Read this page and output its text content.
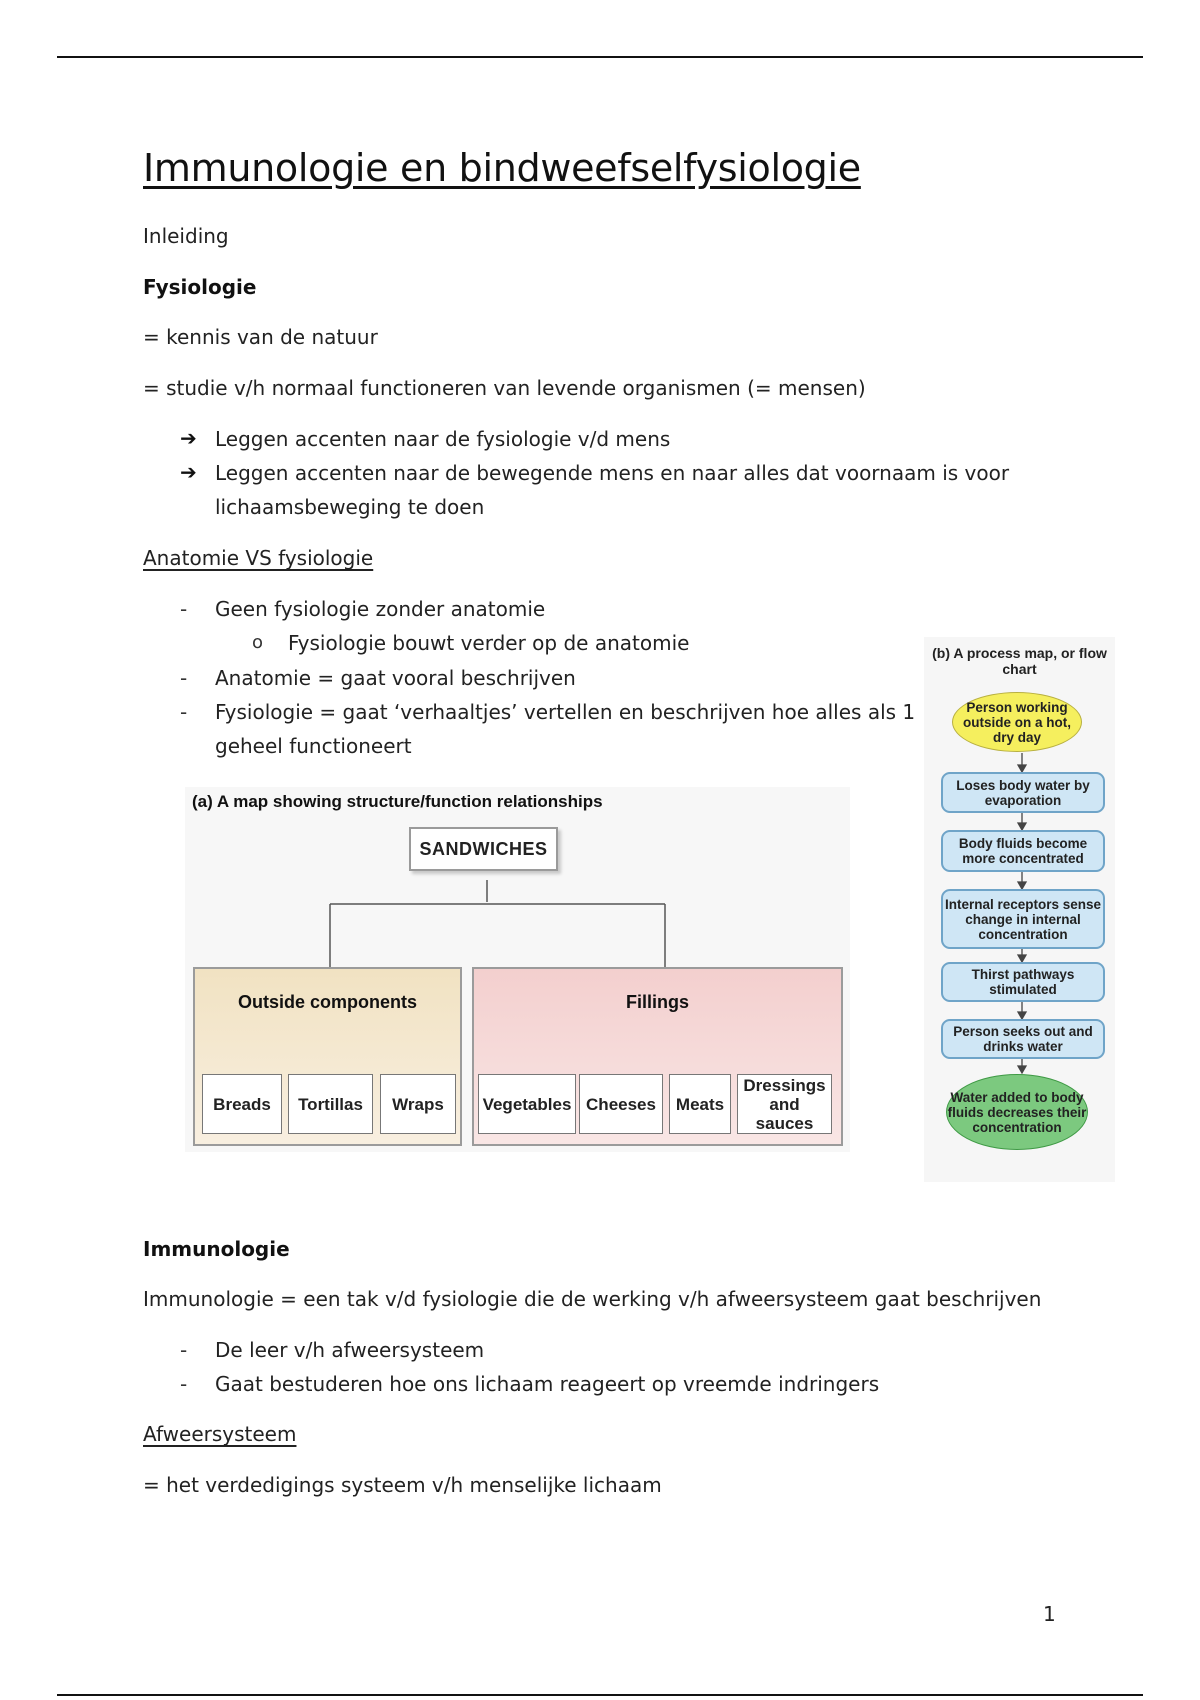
Immunologie en bindweefselfysiologie

Inleiding

Fysiologie

= kennis van de natuur

= studie v/h normaal functioneren van levende organismen (= mensen)

➔ Leggen accenten naar de fysiologie v/d mens

➔ Leggen accenten naar de bewegende mens en naar alles dat voornaam is voor

lichaamsbeweging te doen

Anatomie VS fysiologie

- Geen fysiologie zonder anatomie

o Fysiologie bouwt verder op de anatomie

- Anatomie = gaat vooral beschrijven

- Fysiologie = gaat ‘verhaaltjes’ vertellen en beschrijven hoe alles als 1

geheel functioneert

(a) A map showing structure/function relationships
SANDWICHES
Outside components
Breads	Tortillas	Wraps
Fillings
Vegetables Cheeses	Meats
Dressings and sauces
(b) A process map, or flow chart
Person working outside on a hot, dry day
Loses body water by evaporation
Body fluids become more concentrated
Internal receptors sense change in internal concentration
Thirst pathways stimulated
Person seeks out and drinks water
Water added to body fluids decreases their concentration

Immunologie

Immunologie = een tak v/d fysiologie die de werking v/h afweersysteem gaat beschrijven

- De leer v/h afweersysteem

- Gaat bestuderen hoe ons lichaam reageert op vreemde indringers

Afweersysteem

= het verdedigings systeem v/h menselijke lichaam

1
